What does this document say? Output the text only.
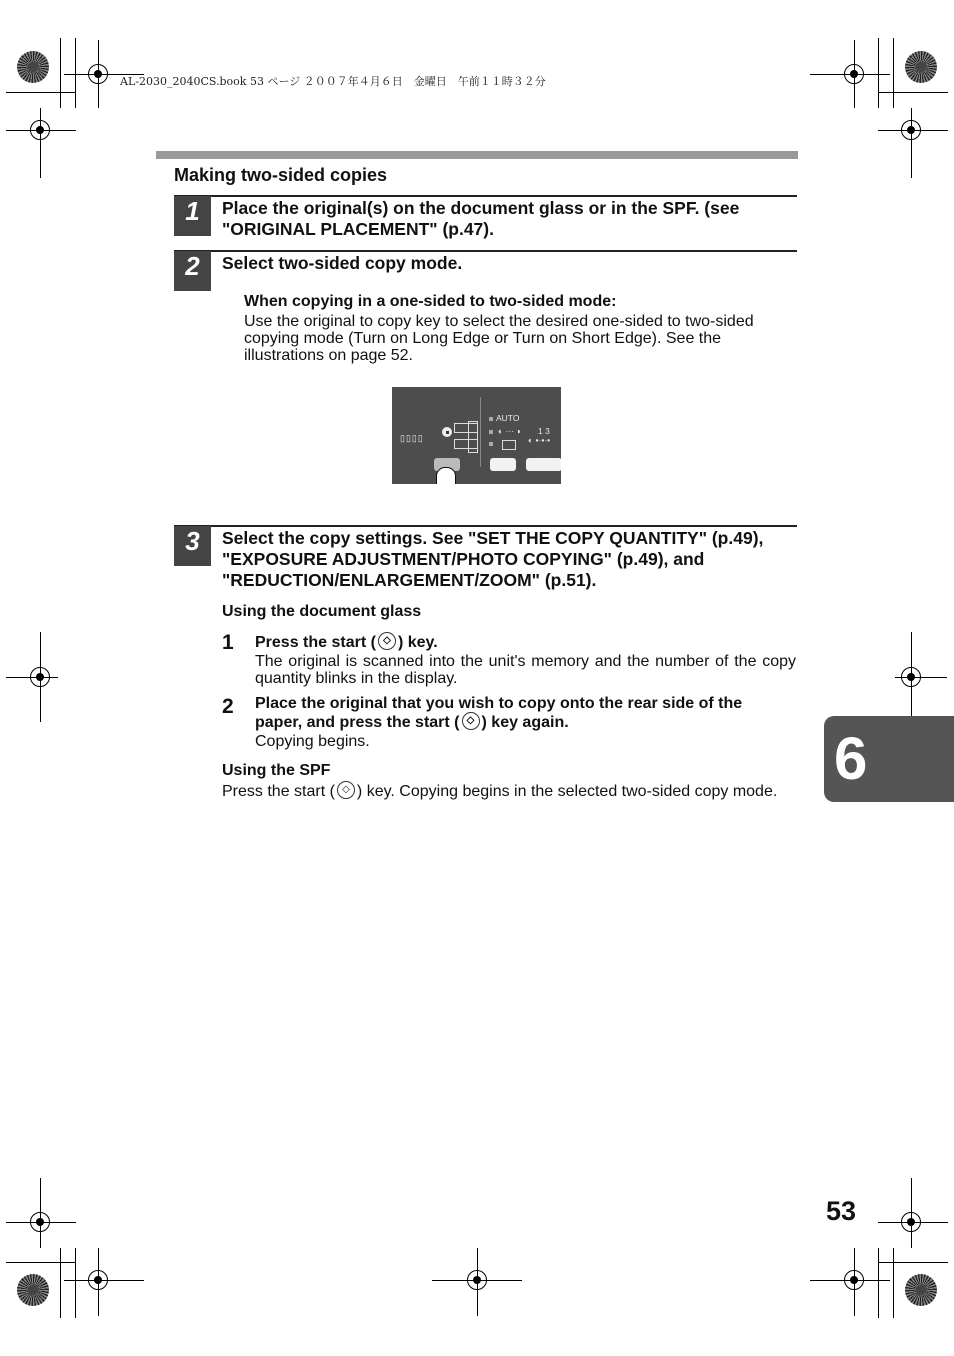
AL-2030_2040CS.book 53 ページ ２００７年４月６日　金曜日　午前１１時３２分
Making two-sided copies
1	Place the original(s) on the document glass or in the SPF. (see "ORIGINAL PLACEMENT" (p.47).
2	Select two-sided copy mode.
When copying in a one-sided to two-sided mode:
Use the original to copy key to select the desired one-sided to two-sided copying mode (Turn on Long Edge or Turn on Short Edge). See the illustrations on page 52.
▯▯▯▯
AUTO
◐ ··· ◗ 1 3
◐ ▪·▪·▪
3	Select the copy settings. See "SET THE COPY QUANTITY" (p.49), "EXPOSURE ADJUSTMENT/PHOTO COPYING" (p.49), and "REDUCTION/ENLARGEMENT/ZOOM" (p.51).
Using the document glass
1 Press the start ( ◇ ) key.
The original is scanned into the unit's memory and the number of the copy quantity blinks in the display.
2 Place the original that you wish to copy onto the rear side of the
paper, and press the start ( ◇ ) key again.
Copying begins.
Using the SPF
Press the start ( ◇ ) key. Copying begins in the selected two-sided copy mode. 6
53
